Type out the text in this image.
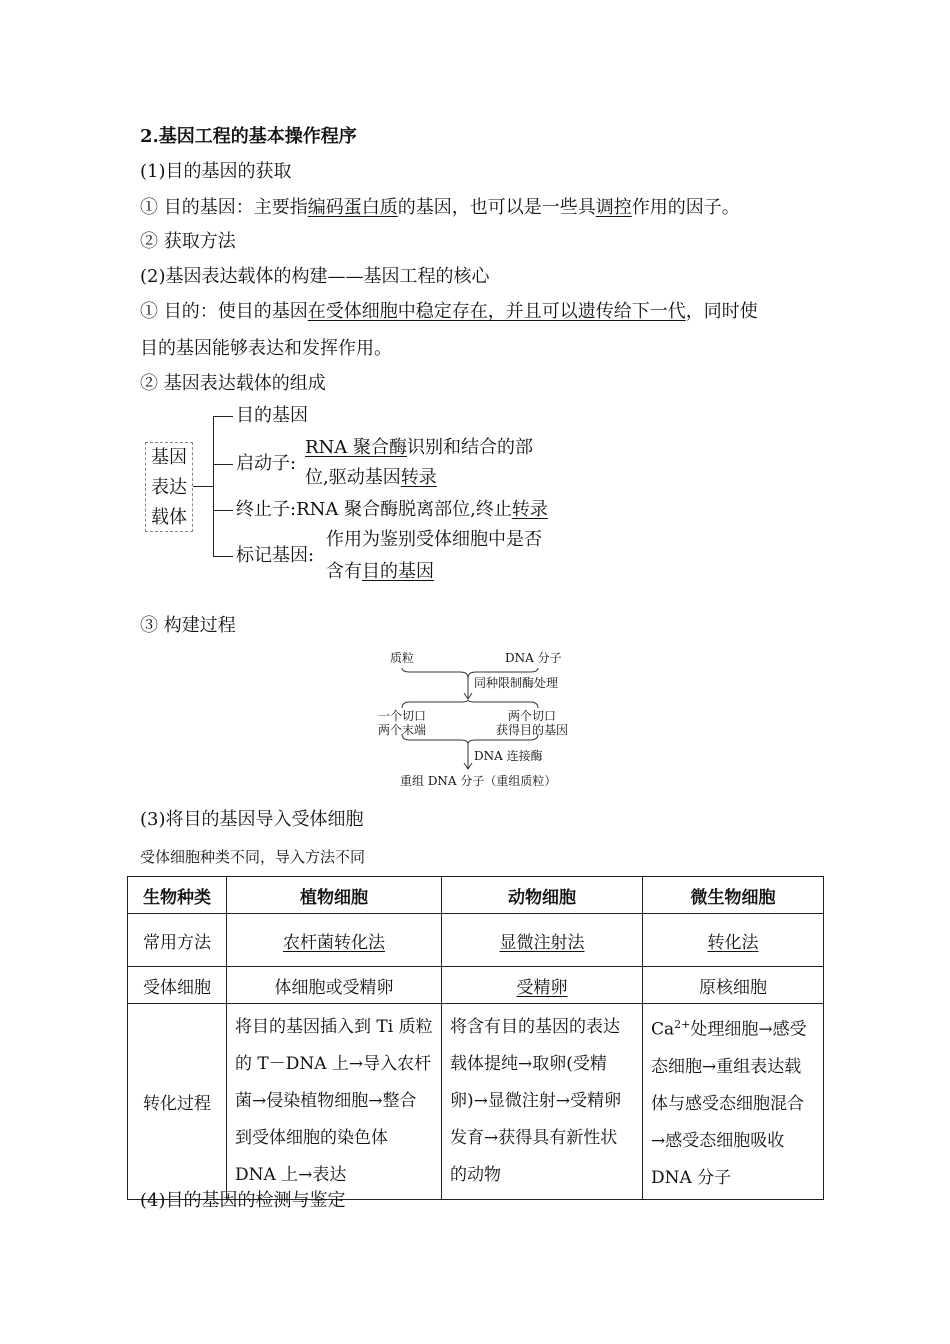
2.基因工程的基本操作程序
(1)目的基因的获取
① 目的基因：主要指编码蛋白质的基因，也可以是一些具调控作用的因子。
② 获取方法
(2)基因表达载体的构建——基因工程的核心
① 目的：使目的基因在受体细胞中稳定存在，并且可以遗传给下一代，同时使
目的基因能够表达和发挥作用。
② 基因表达载体的组成
基因
表达
载体
目的基因
启动子:
RNA 聚合酶识别和结合的部
位,驱动基因转录
终止子:RNA 聚合酶脱离部位,终止转录
标记基因:
作用为鉴别受体细胞中是否
含有目的基因
③ 构建过程
质粒	DNA 分子
同种限制酶处理
一个切口
两个末端
两个切口
获得目的基因
DNA 连接酶
重组 DNA 分子（重组质粒）
(3)将目的基因导入受体细胞
受体细胞种类不同，导入方法不同
生物种类	植物细胞	动物细胞	微生物细胞
常用方法	农杆菌转化法	显微注射法	转化法
受体细胞	体细胞或受精卵	受精卵	原核细胞
转化过程	将目的基因插入到 Ti 质粒的 T－DNA 上→导入农杆菌→侵染植物细胞→整合到受体细胞的染色体 DNA 上→表达	将含有目的基因的表达载体提纯→取卵(受精卵)→显微注射→受精卵发育→获得具有新性状的动物	$Ca^{2+}$处理细胞→感受态细胞→重组表达载体与感受态细胞混合→感受态细胞吸收 DNA 分子
(4)目的基因的检测与鉴定
